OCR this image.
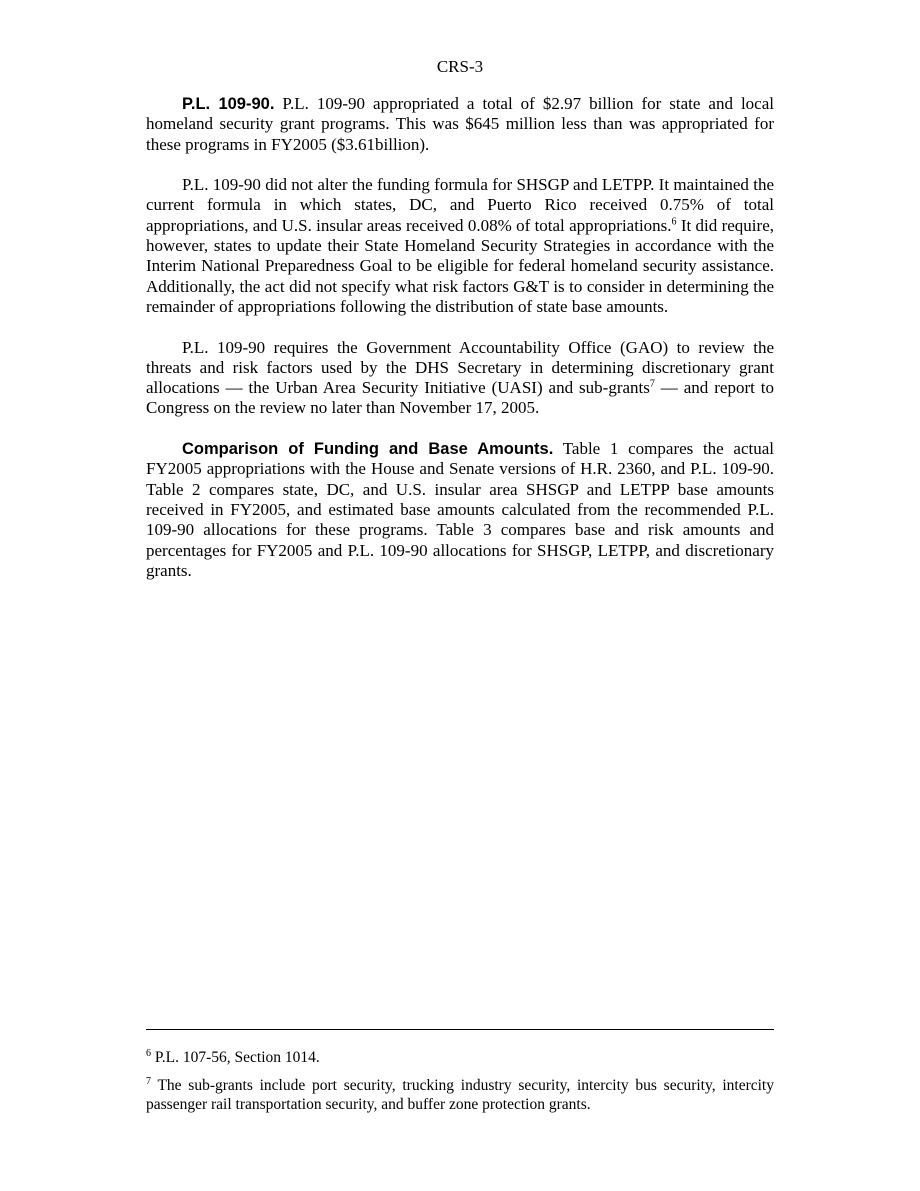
CRS-3

P.L. 109-90. P.L. 109-90 appropriated a total of $2.97 billion for state and local homeland security grant programs. This was $645 million less than was appropriated for these programs in FY2005 ($3.61billion).

P.L. 109-90 did not alter the funding formula for SHSGP and LETPP. It maintained the current formula in which states, DC, and Puerto Rico received 0.75% of total appropriations, and U.S. insular areas received 0.08% of total appropriations.$^6$ It did require, however, states to update their State Homeland Security Strategies in accordance with the Interim National Preparedness Goal to be eligible for federal homeland security assistance. Additionally, the act did not specify what risk factors G&T is to consider in determining the remainder of appropriations following the distribution of state base amounts.

P.L. 109-90 requires the Government Accountability Office (GAO) to review the threats and risk factors used by the DHS Secretary in determining discretionary grant allocations — the Urban Area Security Initiative (UASI) and sub-grants$^7$ — and report to Congress on the review no later than November 17, 2005.

Comparison of Funding and Base Amounts. Table 1 compares the actual FY2005 appropriations with the House and Senate versions of H.R. 2360, and P.L. 109-90. Table 2 compares state, DC, and U.S. insular area SHSGP and LETPP base amounts received in FY2005, and estimated base amounts calculated from the recommended P.L. 109-90 allocations for these programs. Table 3 compares base and risk amounts and percentages for FY2005 and P.L. 109-90 allocations for SHSGP, LETPP, and discretionary grants.

$^6$ P.L. 107-56, Section 1014.

$^7$ The sub-grants include port security, trucking industry security, intercity bus security, intercity passenger rail transportation security, and buffer zone protection grants.
